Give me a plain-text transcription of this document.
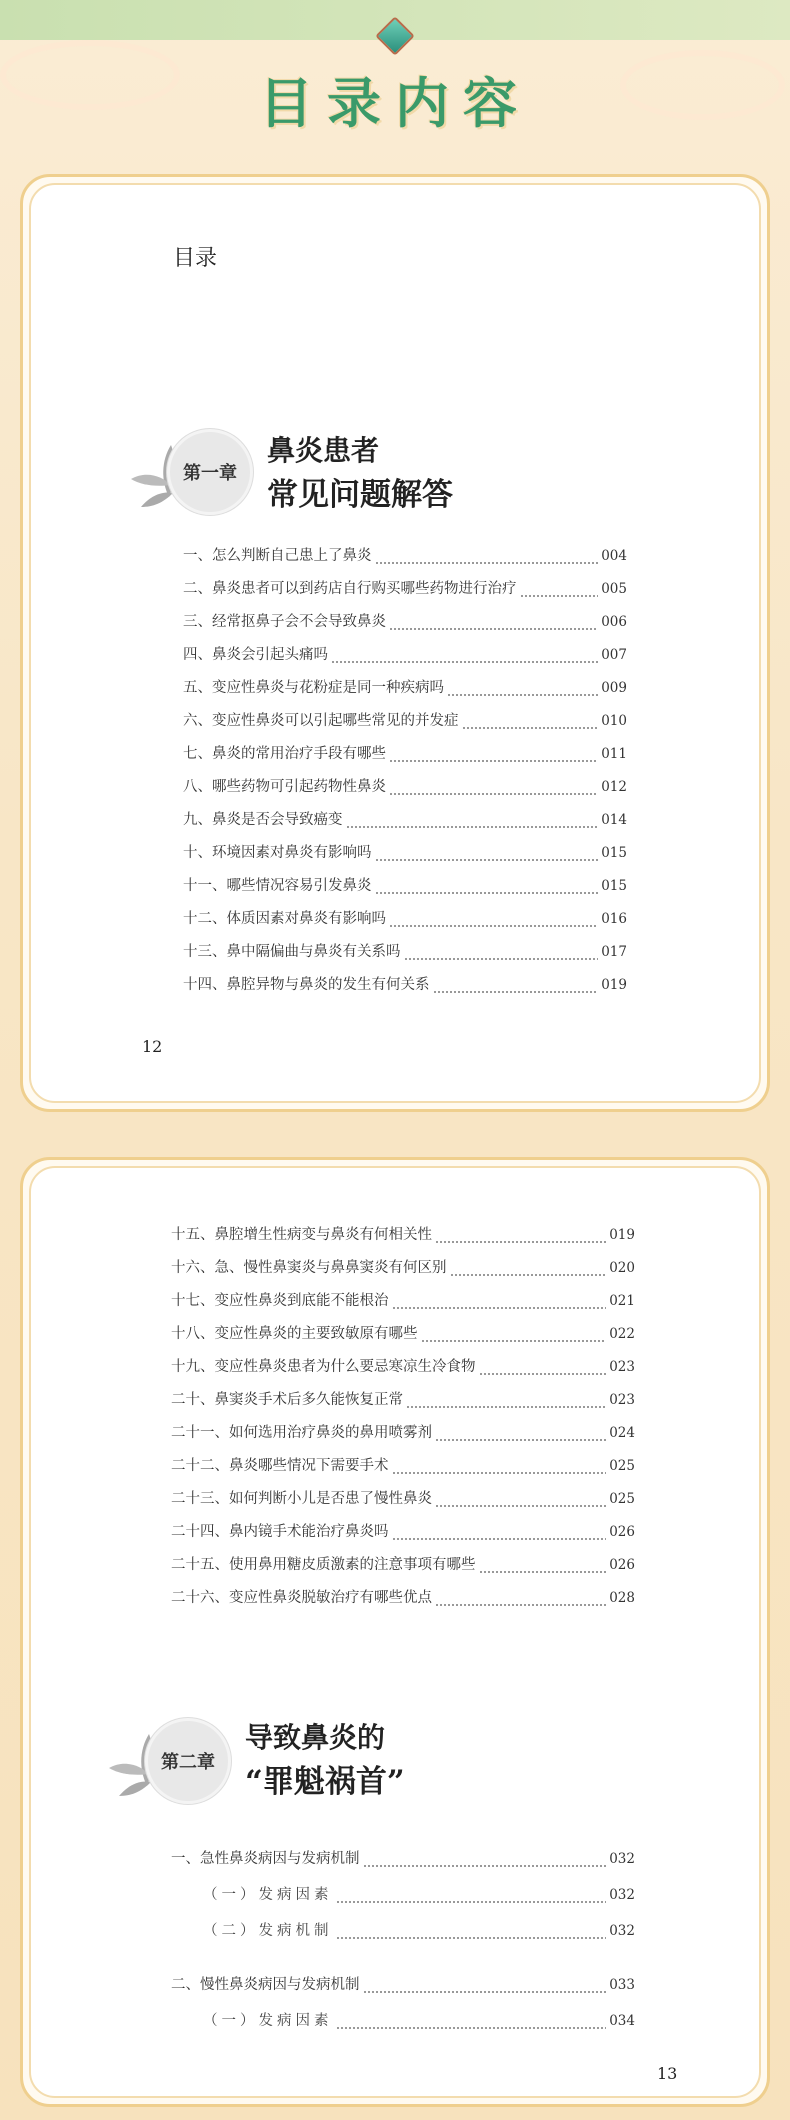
目录内容
目录
第一章
鼻炎患者
常见问题解答
一、怎么判断自己患上了鼻炎	004
二、鼻炎患者可以到药店自行购买哪些药物进行治疗	005
三、经常抠鼻子会不会导致鼻炎	006
四、鼻炎会引起头痛吗	007
五、变应性鼻炎与花粉症是同一种疾病吗	009
六、变应性鼻炎可以引起哪些常见的并发症	010
七、鼻炎的常用治疗手段有哪些	011
八、哪些药物可引起药物性鼻炎	012
九、鼻炎是否会导致癌变	014
十、环境因素对鼻炎有影响吗	015
十一、哪些情况容易引发鼻炎	015
十二、体质因素对鼻炎有影响吗	016
十三、鼻中隔偏曲与鼻炎有关系吗	017
十四、鼻腔异物与鼻炎的发生有何关系	019
12
十五、鼻腔增生性病变与鼻炎有何相关性	019
十六、急、慢性鼻窦炎与鼻鼻窦炎有何区别	020
十七、变应性鼻炎到底能不能根治	021
十八、变应性鼻炎的主要致敏原有哪些	022
十九、变应性鼻炎患者为什么要忌寒凉生冷食物	023
二十、鼻窦炎手术后多久能恢复正常	023
二十一、如何选用治疗鼻炎的鼻用喷雾剂	024
二十二、鼻炎哪些情况下需要手术	025
二十三、如何判断小儿是否患了慢性鼻炎	025
二十四、鼻内镜手术能治疗鼻炎吗	026
二十五、使用鼻用糖皮质激素的注意事项有哪些	026
二十六、变应性鼻炎脱敏治疗有哪些优点	028
第二章
导致鼻炎的
“罪魁祸首”
一、急性鼻炎病因与发病机制	032
（一）发病因素	032
（二）发病机制	032
二、慢性鼻炎病因与发病机制	033
（一）发病因素	034
13
